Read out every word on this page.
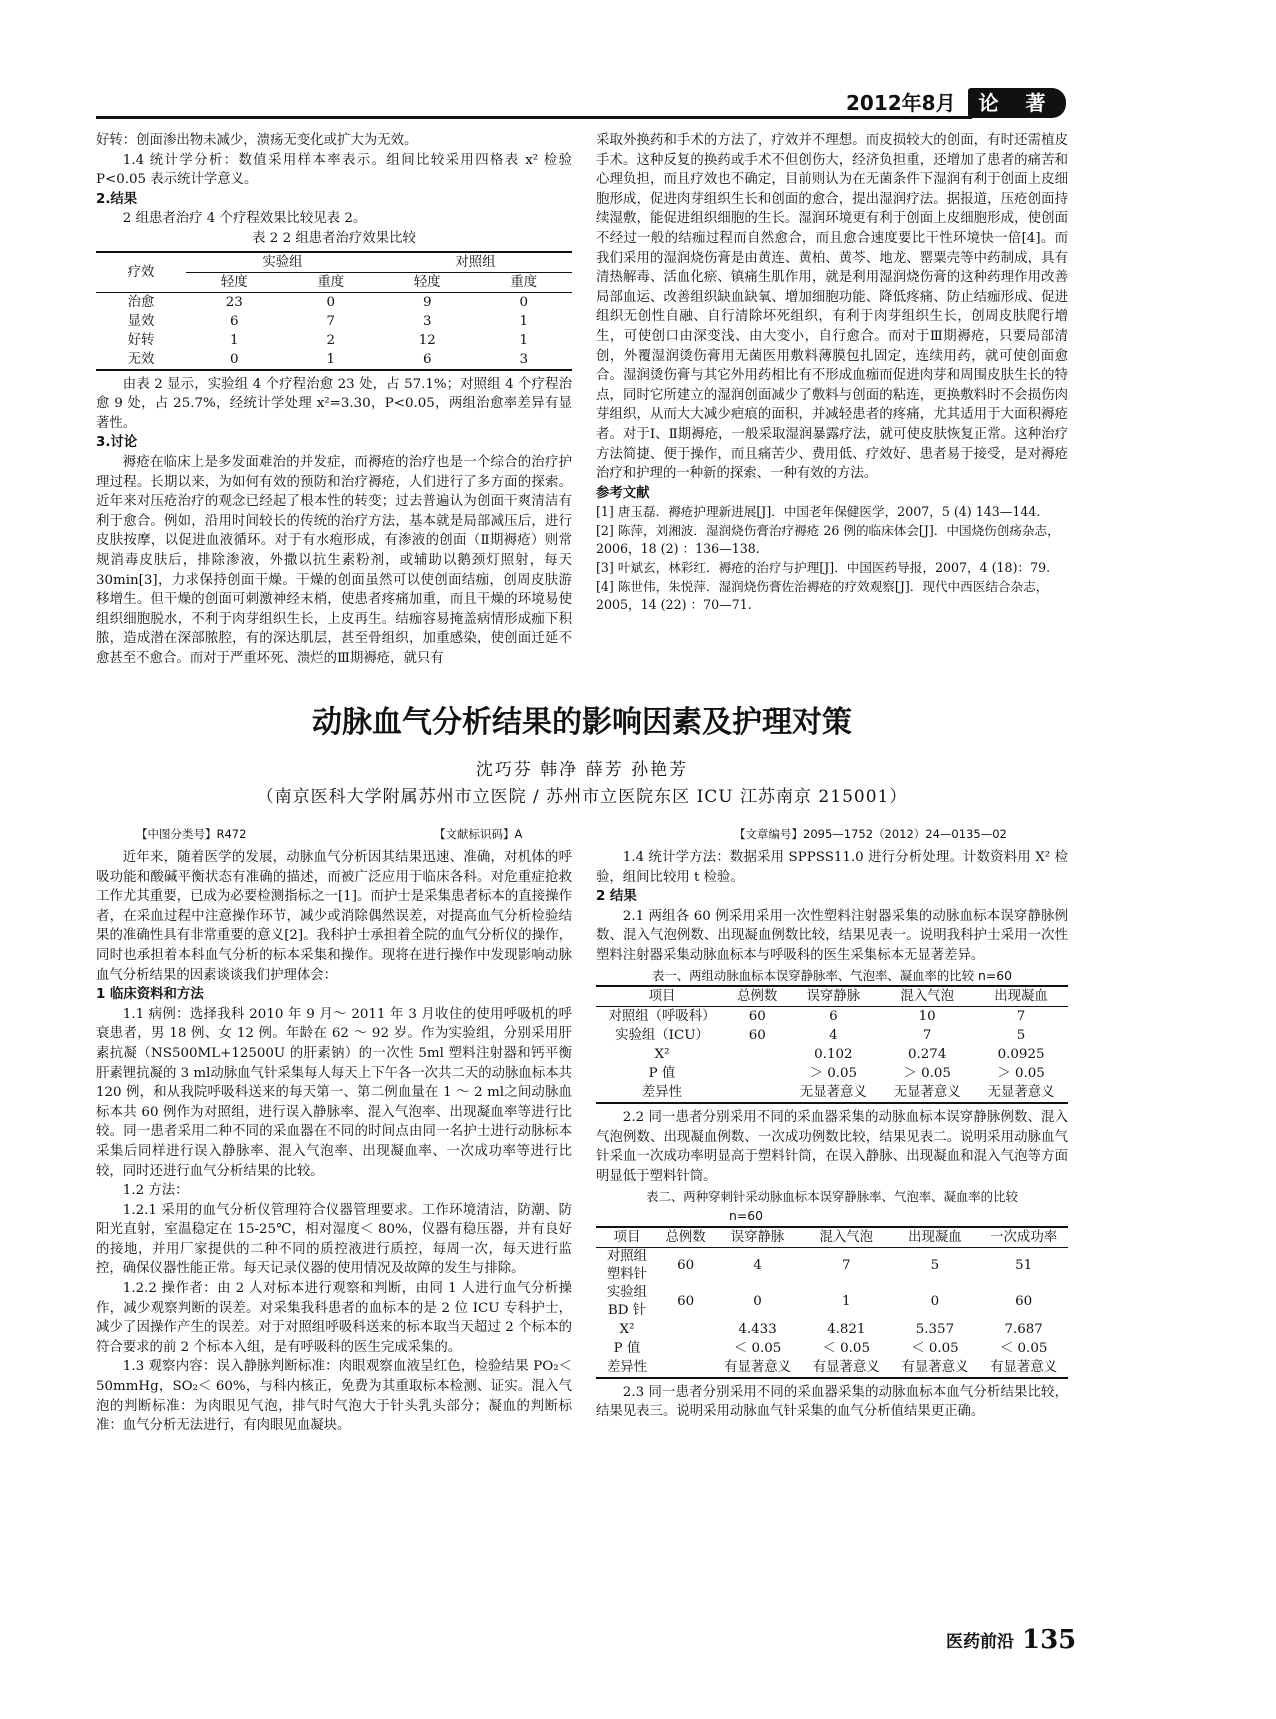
2012年8月	论 著

好转：创面渗出物未减少，溃疡无变化或扩大为无效。

1.4 统计学分析：数值采用样本率表示。组间比较采用四格表 x² 检验 P<0.05 表示统计学意义。

2.结果

2 组患者治疗 4 个疗程效果比较见表 2。

表 2 2 组患者治疗效果比较
疗效	实验组		对照组	
	轻度	重度	轻度	重度
治愈	23	0	9	0
显效	6	7	3	1
好转	1	2	12	1
无效	0	1	6	3

由表 2 显示，实验组 4 个疗程治愈 23 处，占 57.1%；对照组 4 个疗程治愈 9 处，占 25.7%，经统计学处理 x²=3.30，P<0.05，两组治愈率差异有显著性。

3.讨论

褥疮在临床上是多发面难治的并发症，而褥疮的治疗也是一个综合的治疗护理过程。长期以来，为如何有效的预防和治疗褥疮，人们进行了多方面的探索。近年来对压疮治疗的观念已经起了根本性的转变；过去普遍认为创面干爽清洁有利于愈合。例如，沿用时间较长的传统的治疗方法，基本就是局部减压后，进行皮肤按摩，以促进血液循环。对于有水疱形成，有渗液的创面（Ⅱ期褥疮）则常规消毒皮肤后，排除渗液，外撒以抗生素粉剂，或辅助以鹅颈灯照射，每天 30min[3]，力求保持创面干燥。干燥的创面虽然可以使创面结痂，创周皮肤游移增生。但干燥的创面可刺激神经末梢，使患者疼痛加重，而且干燥的环境易使组织细胞脱水，不利于肉芽组织生长，上皮再生。结痂容易掩盖病情形成痂下积脓，造成潜在深部脓腔，有的深达肌层，甚至骨组织，加重感染，使创面迁延不愈甚至不愈合。而对于严重坏死、溃烂的Ⅲ期褥疮，就只有

采取外换药和手术的方法了，疗效并不理想。而皮损较大的创面，有时还需植皮手术。这种反复的换药或手术不但创伤大，经济负担重，还增加了患者的痛苦和心理负担，而且疗效也不确定，目前则认为在无菌条件下湿润有利于创面上皮细胞形成，促进肉芽组织生长和创面的愈合，提出湿润疗法。据报道，压疮创面持续湿敷，能促进组织细胞的生长。湿润环境更有利于创面上皮细胞形成，使创面不经过一般的结痂过程而自然愈合，而且愈合速度要比干性环境快一倍[4]。而我们采用的湿润烧伤膏是由黄连、黄柏、黄芩、地龙、罂粟壳等中药制成，具有清热解毒、活血化瘀、镇痛生肌作用，就是利用湿润烧伤膏的这种药理作用改善局部血运、改善组织缺血缺氧、增加细胞功能、降低疼痛、防止结痂形成、促进组织无创性自融、自行清除坏死组织，有利于肉芽组织生长，创周皮肤爬行增生，可使创口由深变浅、由大变小，自行愈合。而对于Ⅲ期褥疮，只要局部清创，外覆湿润烫伤膏用无菌医用敷料薄膜包扎固定，连续用药，就可使创面愈合。湿润烫伤膏与其它外用药相比有不形成血痂而促进肉芽和周围皮肤生长的特点，同时它所建立的湿润创面减少了敷料与创面的粘连，更换敷料时不会损伤肉芽组织，从而大大减少疤痕的面积，并减轻患者的疼痛，尤其适用于大面积褥疮者。对于Ⅰ、Ⅱ期褥疮，一般采取湿润暴露疗法，就可使皮肤恢复正常。这种治疗方法简捷、便于操作，而且痛苦少、费用低、疗效好、患者易于接受，是对褥疮治疗和护理的一种新的探索、一种有效的方法。

参考文献
[1] 唐玉磊．褥疮护理新进展[J]．中国老年保健医学，2007，5 (4) 143—144.
[2] 陈萍，刘湘波．湿润烧伤膏治疗褥疮 26 例的临床体会[J]．中国烧伤创疡杂志，2006，18 (2) ：136—138.
[3] 叶斌玄，林彩红．褥疮的治疗与护理[J]．中国医药导报，2007，4 (18)：79.
[4] 陈世伟，朱悦萍．湿润烧伤膏佐治褥疮的疗效观察[J]．现代中西医结合杂志，2005，14 (22) ：70—71.
动脉血气分析结果的影响因素及护理对策
沈巧芬 韩净 薛芳 孙艳芳
（南京医科大学附属苏州市立医院 / 苏州市立医院东区 ICU 江苏南京 215001）
【中图分类号】R472	【文献标识码】A	【文章编号】2095—1752（2012）24—0135—02

近年来，随着医学的发展，动脉血气分析因其结果迅速、准确，对机体的呼吸功能和酸碱平衡状态有准确的描述，而被广泛应用于临床各科。对危重症抢救工作尤其重要，已成为必要检测指标之一[1]。而护士是采集患者标本的直接操作者，在采血过程中注意操作环节，减少或消除偶然误差，对提高血气分析检验结果的准确性具有非常重要的意义[2]。我科护士承担着全院的血气分析仪的操作，同时也承担着本科血气分析的标本采集和操作。现将在进行操作中发现影响动脉血气分析结果的因素谈谈我们护理体会：

1 临床资料和方法

1.1 病例：选择我科 2010 年 9 月～ 2011 年 3 月收住的使用呼吸机的呼衰患者，男 18 例、女 12 例。年龄在 62 ～ 92 岁。作为实验组，分别采用肝素抗凝（NS500ML+12500U 的肝素钠）的一次性 5ml 塑料注射器和钙平衡肝素锂抗凝的 3 ml动脉血气针采集每人每天上下午各一次共二天的动脉血标本共 120 例，和从我院呼吸科送来的每天第一、第二例血量在 1 ～ 2 ml之间动脉血标本共 60 例作为对照组，进行误入静脉率、混入气泡率、出现凝血率等进行比较。同一患者采用二种不同的采血器在不同的时间点由同一名护士进行动脉标本采集后同样进行误入静脉率、混入气泡率、出现凝血率、一次成功率等进行比较，同时还进行血气分析结果的比较。

1.2 方法：

1.2.1 采用的血气分析仪管理符合仪器管理要求。工作环境清洁，防潮、防阳光直射，室温稳定在 15-25℃，相对湿度＜ 80%，仪器有稳压器，并有良好的接地，并用厂家提供的二种不同的质控液进行质控，每周一次，每天进行监控，确保仪器性能正常。每天记录仪器的使用情况及故障的发生与排除。

1.2.2 操作者：由 2 人对标本进行观察和判断，由同 1 人进行血气分析操作，减少观察判断的误差。对采集我科患者的血标本的是 2 位 ICU 专科护士，减少了因操作产生的误差。对于对照组呼吸科送来的标本取当天超过 2 个标本的符合要求的前 2 个标本入组，是有呼吸科的医生完成采集的。

1.3 观察内容：误入静脉判断标准：肉眼观察血液呈红色，检验结果 PO₂＜ 50mmHg，SO₂＜ 60%，与科内核正，免费为其重取标本检测、证实。混入气泡的判断标准：为肉眼见气泡，排气时气泡大于针头乳头部分；凝血的判断标准：血气分析无法进行，有肉眼见血凝块。

1.4 统计学方法：数据采用 SPPSS11.0 进行分析处理。计数资料用 X² 检验，组间比较用 t 检验。

2 结果

2.1 两组各 60 例采用采用一次性塑料注射器采集的动脉血标本误穿静脉例数、混入气泡例数、出现凝血例数比较，结果见表一。说明我科护士采用一次性塑料注射器采集动脉血标本与呼吸科的医生采集标本无显著差异。

表一、两组动脉血标本误穿静脉率、气泡率、凝血率的比较 n=60
项目	总例数	误穿静脉	混入气泡	出现凝血
对照组（呼吸科）	60	6	10	7
实验组（ICU）	60	4	7	5
X²		0.102	0.274	0.0925
P 值		＞ 0.05	＞ 0.05	＞ 0.05
差异性		无显著意义	无显著意义	无显著意义

2.2 同一患者分别采用不同的采血器采集的动脉血标本误穿静脉例数、混入气泡例数、出现凝血例数、一次成功例数比较，结果见表二。说明采用动脉血气针采血一次成功率明显高于塑料针筒，在误入静脉、出现凝血和混入气泡等方面明显低于塑料针筒。

表二、两种穿刺针采动脉血标本误穿静脉率、气泡率、凝血率的比较
n=60
项目	总例数	误穿静脉	混入气泡	出现凝血	一次成功率
对照组
塑料针	60	4	7	5	51
实验组
BD 针	60	0	1	0	60
X²		4.433	4.821	5.357	7.687
P 值		＜ 0.05	＜ 0.05	＜ 0.05	＜ 0.05
差异性		有显著意义	有显著意义	有显著意义	有显著意义

2.3 同一患者分别采用不同的采血器采集的动脉血标本血气分析结果比较，结果见表三。说明采用动脉血气针采集的血气分析值结果更正确。

医药前沿 135
